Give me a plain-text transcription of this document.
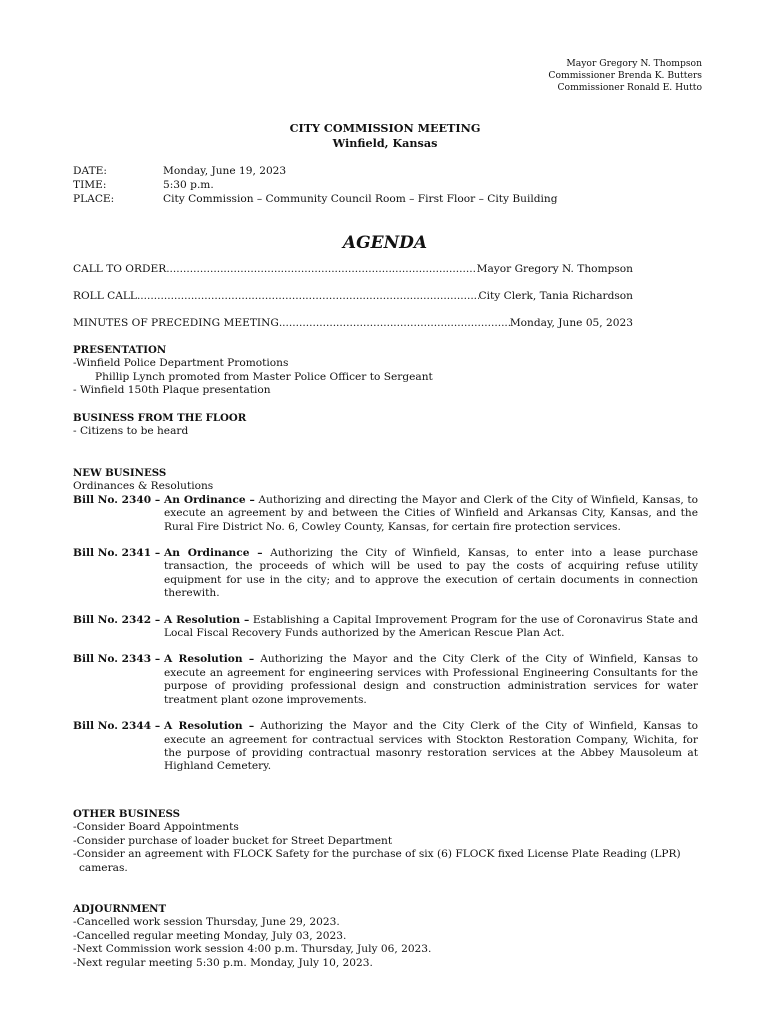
Mayor Gregory N. Thompson
Commissioner Brenda K. Butters
Commissioner Ronald E. Hutto
CITY COMMISSION MEETING
Winfield, Kansas
DATE:	Monday, June 19, 2023
TIME:	5:30 p.m.
PLACE:	City Commission – Community Council Room – First Floor – City Building
AGENDA
CALL TO ORDER .....	Mayor Gregory N. Thompson
ROLL CALL .....	City Clerk, Tania Richardson
MINUTES OF PRECEDING MEETING .....	Monday, June 05, 2023
PRESENTATION
-Winfield Police Department Promotions
Phillip Lynch promoted from Master Police Officer to Sergeant
- Winfield 150th Plaque presentation
BUSINESS FROM THE FLOOR
- Citizens to be heard
NEW BUSINESS
Ordinances & Resolutions
Bill No. 2340 – An Ordinance – Authorizing and directing the Mayor and Clerk of the City of Winfield, Kansas, to execute an agreement by and between the Cities of Winfield and Arkansas City, Kansas, and the Rural Fire District No. 6, Cowley County, Kansas, for certain fire protection services.
Bill No. 2341 – An Ordinance – Authorizing the City of Winfield, Kansas, to enter into a lease purchase transaction, the proceeds of which will be used to pay the costs of acquiring refuse utility equipment for use in the city; and to approve the execution of certain documents in connection therewith.
Bill No. 2342 – A Resolution – Establishing a Capital Improvement Program for the use of Coronavirus State and Local Fiscal Recovery Funds authorized by the American Rescue Plan Act.
Bill No. 2343 – A Resolution – Authorizing the Mayor and the City Clerk of the City of Winfield, Kansas to execute an agreement for engineering services with Professional Engineering Consultants for the purpose of providing professional design and construction administration services for water treatment plant ozone improvements.
Bill No. 2344 – A Resolution – Authorizing the Mayor and the City Clerk of the City of Winfield, Kansas to execute an agreement for contractual services with Stockton Restoration Company, Wichita, for the purpose of providing contractual masonry restoration services at the Abbey Mausoleum at Highland Cemetery.
OTHER BUSINESS
-Consider Board Appointments
-Consider purchase of loader bucket for Street Department
-Consider an agreement with FLOCK Safety for the purchase of six (6) FLOCK fixed License Plate Reading (LPR)
cameras.
ADJOURNMENT
-Cancelled work session Thursday, June 29, 2023.
-Cancelled regular meeting Monday, July 03, 2023.
-Next Commission work session 4:00 p.m. Thursday, July 06, 2023.
-Next regular meeting 5:30 p.m. Monday, July 10, 2023.
